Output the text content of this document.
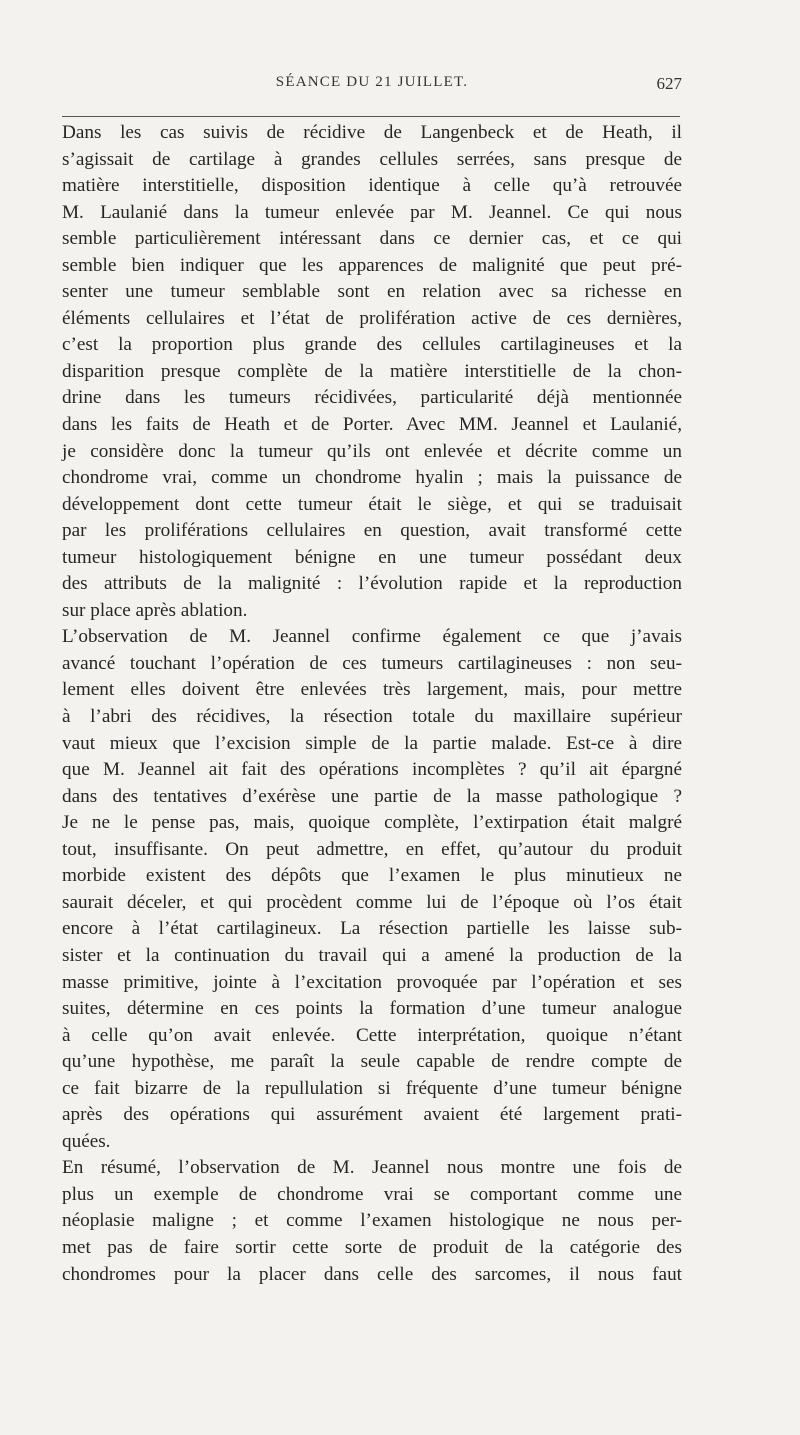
SÉANCE DU 21 JUILLET.	627

Dans les cas suivis de récidive de Langenbeck et de Heath, il
s’agissait de cartilage à grandes cellules serrées, sans presque de
matière interstitielle, disposition identique à celle qu’à retrouvée
M. Laulanié dans la tumeur enlevée par M. Jeannel. Ce qui nous
semble particulièrement intéressant dans ce dernier cas, et ce qui
semble bien indiquer que les apparences de malignité que peut pré-
senter une tumeur semblable sont en relation avec sa richesse en
éléments cellulaires et l’état de prolifération active de ces dernières,
c’est la proportion plus grande des cellules cartilagineuses et la
disparition presque complète de la matière interstitielle de la chon-
drine dans les tumeurs récidivées, particularité déjà mentionnée
dans les faits de Heath et de Porter. Avec MM. Jeannel et Laulanié,
je considère donc la tumeur qu’ils ont enlevée et décrite comme un
chondrome vrai, comme un chondrome hyalin ; mais la puissance de
développement dont cette tumeur était le siège, et qui se traduisait
par les proliférations cellulaires en question, avait transformé cette
tumeur histologiquement bénigne en une tumeur possédant deux
des attributs de la malignité : l’évolution rapide et la reproduction
sur place après ablation.

L’observation de M. Jeannel confirme également ce que j’avais
avancé touchant l’opération de ces tumeurs cartilagineuses : non seu-
lement elles doivent être enlevées très largement, mais, pour mettre
à l’abri des récidives, la résection totale du maxillaire supérieur
vaut mieux que l’excision simple de la partie malade. Est-ce à dire
que M. Jeannel ait fait des opérations incomplètes ? qu’il ait épargné
dans des tentatives d’exérèse une partie de la masse pathologique ?
Je ne le pense pas, mais, quoique complète, l’extirpation était malgré
tout, insuffisante. On peut admettre, en effet, qu’autour du produit
morbide existent des dépôts que l’examen le plus minutieux ne
saurait déceler, et qui procèdent comme lui de l’époque où l’os était
encore à l’état cartilagineux. La résection partielle les laisse sub-
sister et la continuation du travail qui a amené la production de la
masse primitive, jointe à l’excitation provoquée par l’opération et ses
suites, détermine en ces points la formation d’une tumeur analogue
à celle qu’on avait enlevée. Cette interprétation, quoique n’étant
qu’une hypothèse, me paraît la seule capable de rendre compte de
ce fait bizarre de la repullulation si fréquente d’une tumeur bénigne
après des opérations qui assurément avaient été largement prati-
quées.

En résumé, l’observation de M. Jeannel nous montre une fois de
plus un exemple de chondrome vrai se comportant comme une
néoplasie maligne ; et comme l’examen histologique ne nous per-
met pas de faire sortir cette sorte de produit de la catégorie des
chondromes pour la placer dans celle des sarcomes, il nous faut
